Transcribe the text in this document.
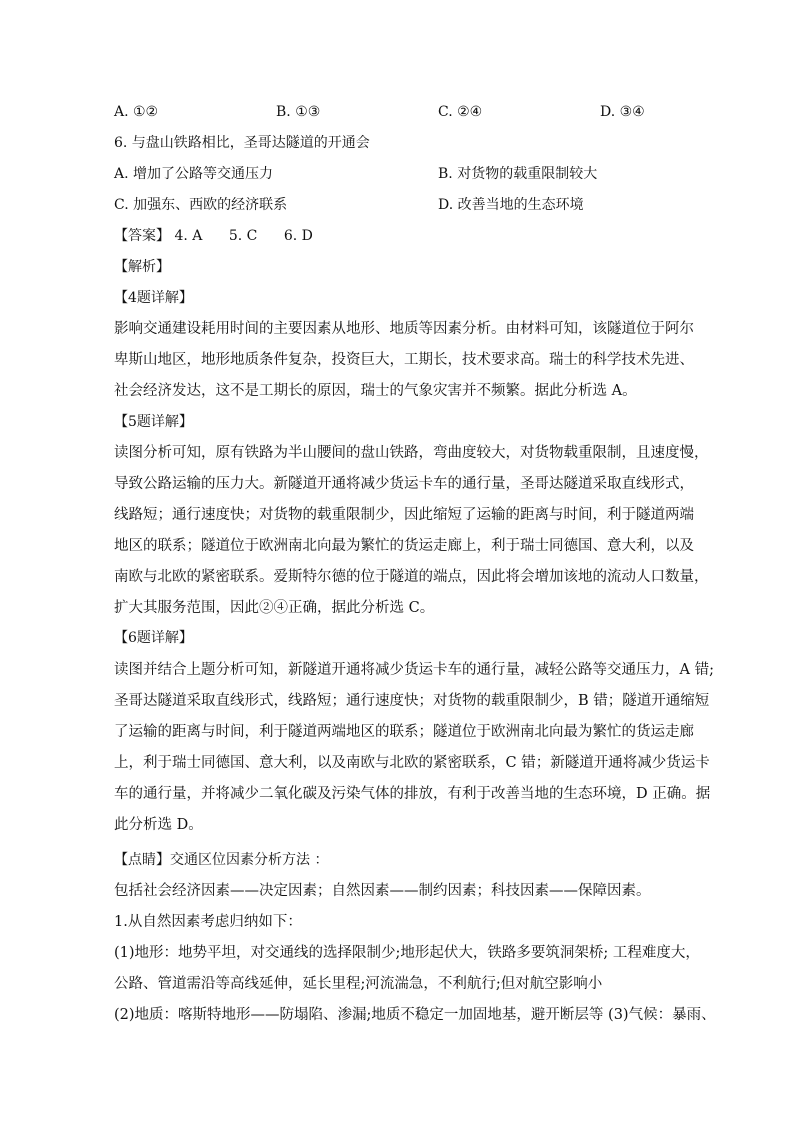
A. ①②	B. ①③	C. ②④	D. ③④
6. 与盘山铁路相比，圣哥达隧道的开通会
A. 增加了公路等交通压力	B. 对货物的载重限制较大
C. 加强东、西欧的经济联系	D. 改善当地的生态环境
【答案】 4. A 5. C 6. D
【解析】
【4题详解】

影响交通建设耗用时间的主要因素从地形、地质等因素分析。由材料可知，该隧道位于阿尔

卑斯山地区，地形地质条件复杂，投资巨大，工期长，技术要求高。瑞士的科学技术先进、

社会经济发达，这不是工期长的原因，瑞士的气象灾害并不频繁。据此分析选 A。

【5题详解】

读图分析可知，原有铁路为半山腰间的盘山铁路，弯曲度较大，对货物载重限制，且速度慢，

导致公路运输的压力大。新隧道开通将减少货运卡车的通行量，圣哥达隧道采取直线形式，

线路短；通行速度快；对货物的载重限制少，因此缩短了运输的距离与时间，利于隧道两端

地区的联系；隧道位于欧洲南北向最为繁忙的货运走廊上，利于瑞士同德国、意大利，以及

南欧与北欧的紧密联系。爱斯特尔德的位于隧道的端点，因此将会增加该地的流动人口数量，

扩大其服务范围，因此②④正确，据此分析选 C。

【6题详解】

读图并结合上题分析可知，新隧道开通将减少货运卡车的通行量，减轻公路等交通压力，A 错;

圣哥达隧道采取直线形式，线路短；通行速度快；对货物的载重限制少，B 错；隧道开通缩短

了运输的距离与时间，利于隧道两端地区的联系；隧道位于欧洲南北向最为繁忙的货运走廊

上，利于瑞士同德国、意大利，以及南欧与北欧的紧密联系，C 错；新隧道开通将减少货运卡

车的通行量，并将减少二氧化碳及污染气体的排放，有利于改善当地的生态环境，D 正确。据

此分析选 D。

【点睛】交通区位因素分析方法 ：

包括社会经济因素——决定因素；自然因素——制约因素；科技因素——保障因素。

1.从自然因素考虑归纳如下：

(1)地形：地势平坦，对交通线的选择限制少;地形起伏大，铁路多要筑洞架桥; 工程难度大，

公路、管道需沿等高线延伸，延长里程;河流湍急，不利航行;但对航空影响小

(2)地质：喀斯特地形——防塌陷、渗漏;地质不稳定一加固地基，避开断层等 (3)气候：暴雨、
